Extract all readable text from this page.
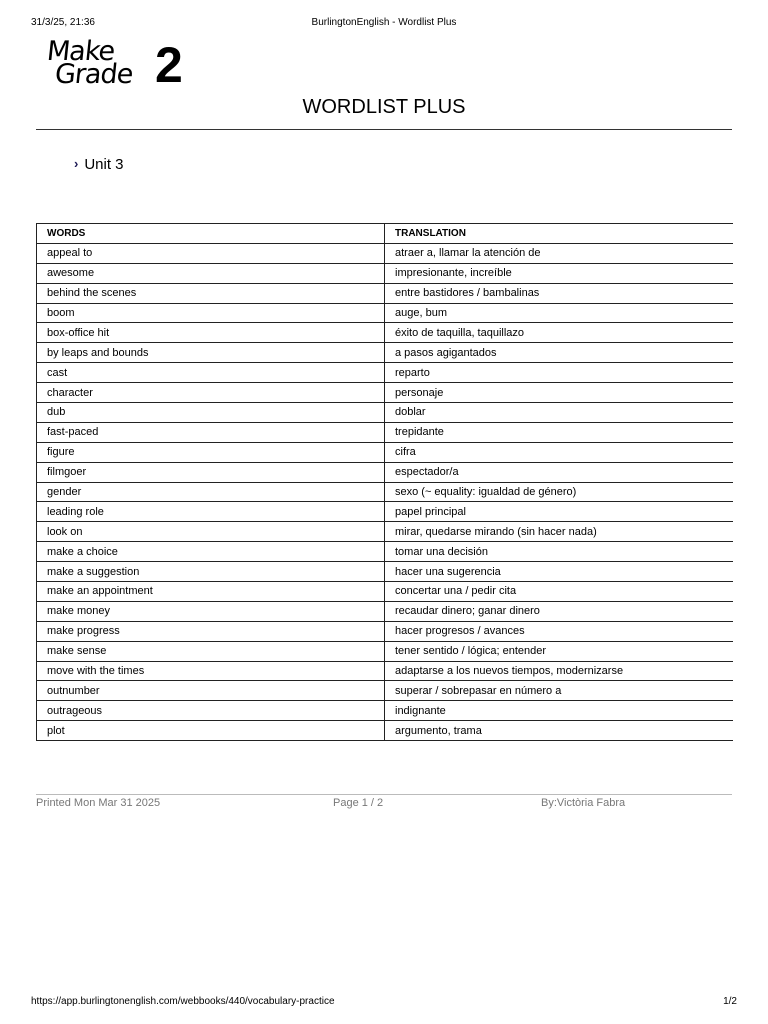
31/3/25, 21:36	BurlingtonEnglish - Wordlist Plus
Make
Grade 2
WORDLIST PLUS
› Unit 3
WORDS	TRANSLATION
appeal to	atraer a, llamar la atención de
awesome	impresionante, increíble
behind the scenes	entre bastidores / bambalinas
boom	auge, bum
box-office hit	éxito de taquilla, taquillazo
by leaps and bounds	a pasos agigantados
cast	reparto
character	personaje
dub	doblar
fast-paced	trepidante
figure	cifra
filmgoer	espectador/a
gender	sexo (~ equality: igualdad de género)
leading role	papel principal
look on	mirar, quedarse mirando (sin hacer nada)
make a choice	tomar una decisión
make a suggestion	hacer una sugerencia
make an appointment	concertar una / pedir cita
make money	recaudar dinero; ganar dinero
make progress	hacer progresos / avances
make sense	tener sentido / lógica; entender
move with the times	adaptarse a los nuevos tiempos, modernizarse
outnumber	superar / sobrepasar en número a
outrageous	indignante
plot	argumento, trama
Printed Mon Mar 31 2025	Page 1 / 2	By:Victòria Fabra
https://app.burlingtonenglish.com/webbooks/440/vocabulary-practice	1/2
